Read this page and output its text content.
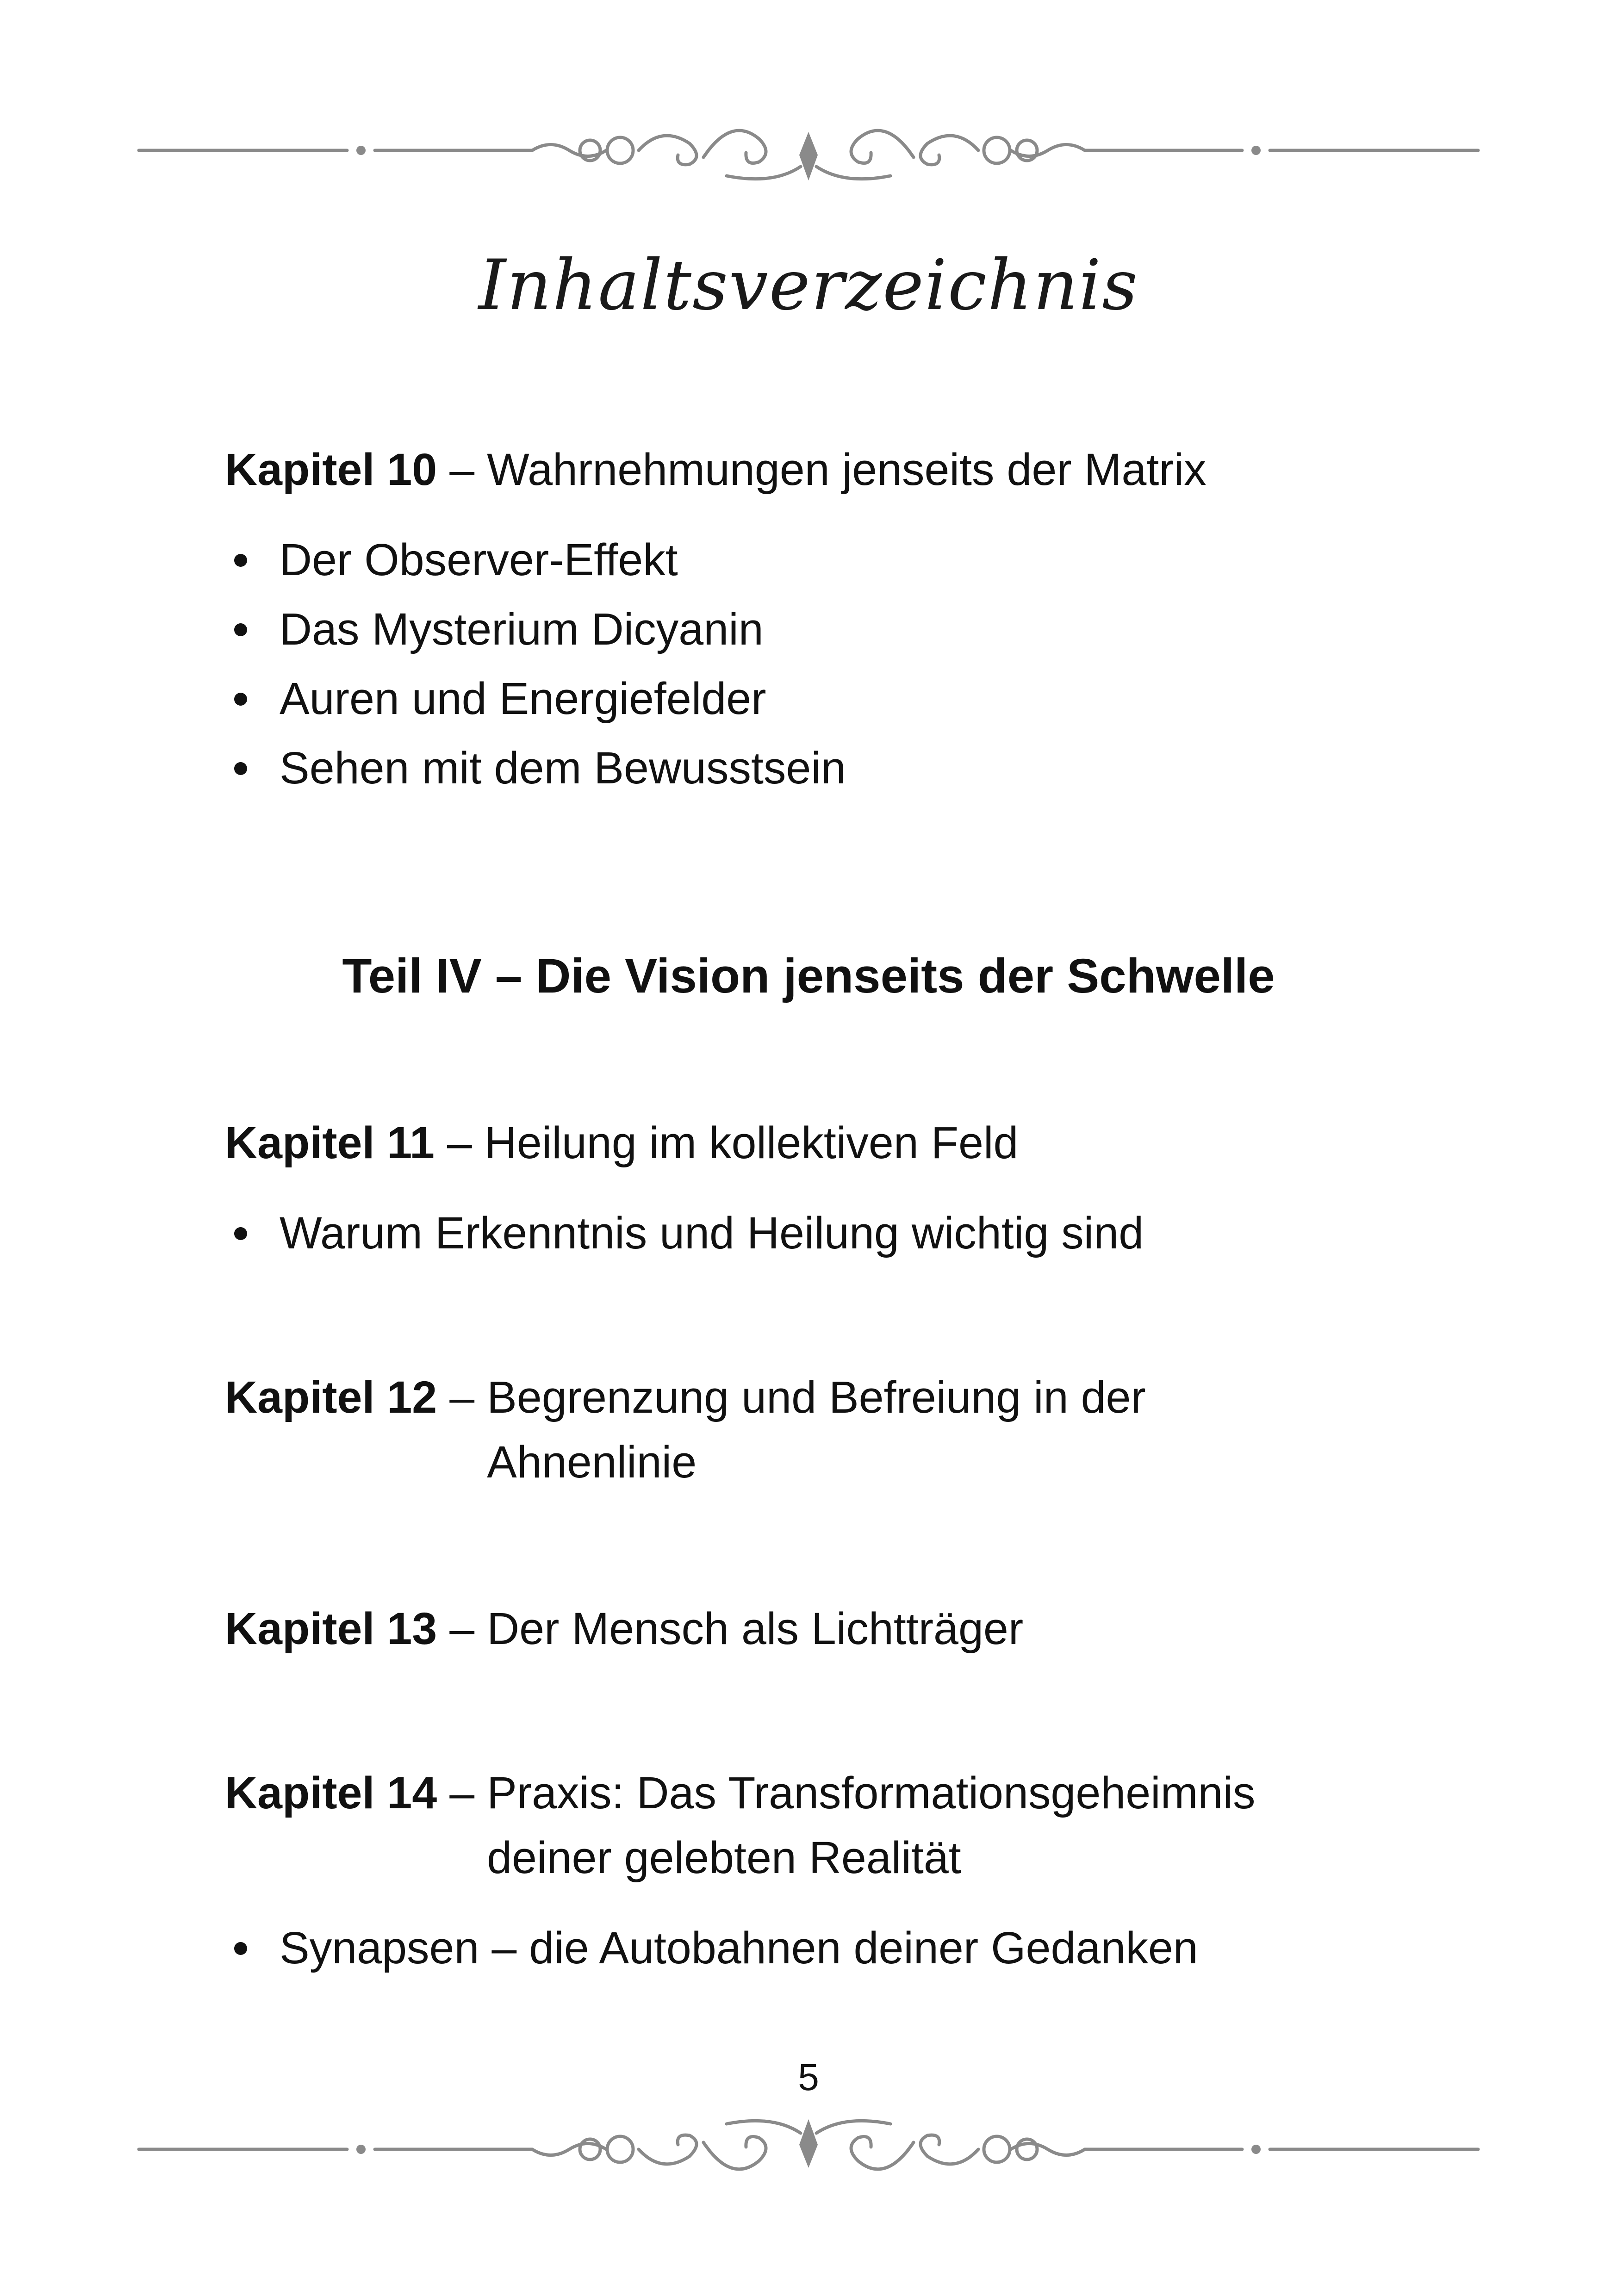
Inhaltsverzeichnis
Kapitel 10 – Wahrnehmungen jenseits der Matrix
Der Observer-Effekt
Das Mysterium Dicyanin
Auren und Energiefelder
Sehen mit dem Bewusstsein
Teil IV – Die Vision jenseits der Schwelle
Kapitel 11 – Heilung im kollektiven Feld
Warum Erkenntnis und Heilung wichtig sind
Kapitel 12 – Begrenzung und Befreiung in der
Ahnenlinie
Kapitel 13 – Der Mensch als Lichtträger
Kapitel 14 – Praxis: Das Transformationsgeheimnis
deiner gelebten Realität
Synapsen – die Autobahnen deiner Gedanken
5
